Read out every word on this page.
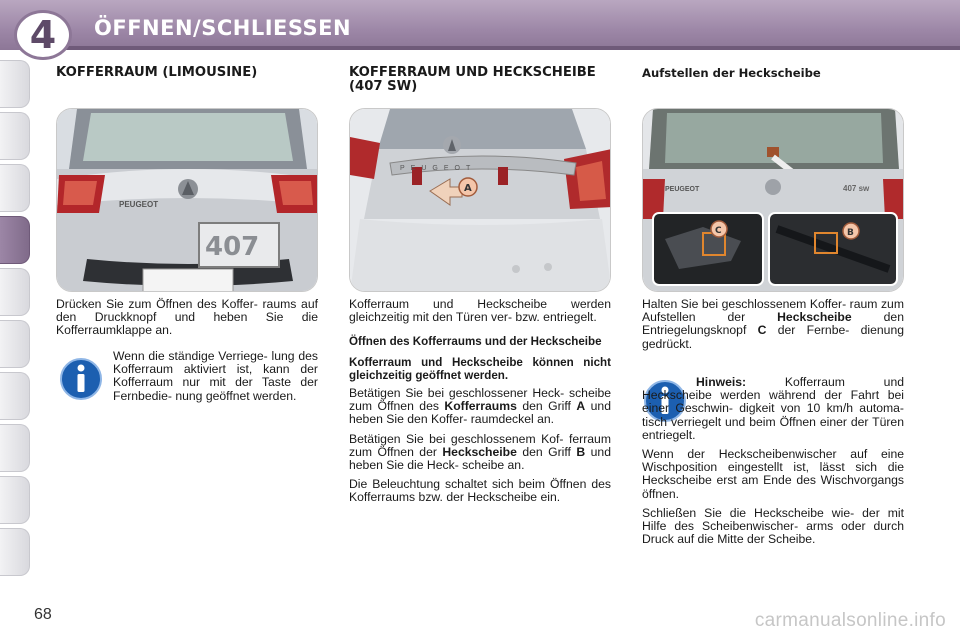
4 ÖFFNEN/SCHLIESSEN
KOFFERRAUM (LIMOUSINE)
PEUGEOT
407

Drücken Sie zum Öffnen des Koffer- raums auf den Druckknopf und heben Sie die Kofferraumklappe an.

Wenn die ständige Verriege- lung des Kofferraum aktiviert ist, kann der Kofferraum nur mit der Taste der Fernbedie- nung geöffnet werden.

KOFFERRAUM UND HECKSCHEIBE (407 SW)
PEUGEOT
A

Kofferraum und Heckscheibe werden gleichzeitig mit den Türen ver- bzw. entriegelt.

Öffnen des Kofferraums und der Heckscheibe

Kofferraum und Heckscheibe können nicht gleichzeitig geöffnet werden.

Betätigen Sie bei geschlossener Heck- scheibe zum Öffnen des Kofferraums den Griff A und heben Sie den Koffer- raumdeckel an.

Betätigen Sie bei geschlossenem Kof- ferraum zum Öffnen der Heckscheibe den Griff B und heben Sie die Heck- scheibe an.

Die Beleuchtung schaltet sich beim Öffnen des Kofferraums bzw. der Heckscheibe ein.

Aufstellen der Heckscheibe
PEUGEOT	407 sw
C	B

Halten Sie bei geschlossenem Koffer- raum zum Aufstellen der Heckscheibe den Entriegelungsknopf C der Fernbe- dienung gedrückt.

Hinweis: Kofferraum und Heckscheibe werden während der Fahrt bei einer Geschwin- digkeit von 10 km/h automa- tisch verriegelt und beim Öffnen einer der Türen entriegelt.

Wenn der Heckscheibenwischer auf eine Wischposition eingestellt ist, lässt sich die Heckscheibe erst am Ende des Wischvorgangs öffnen.

Schließen Sie die Heckscheibe wie- der mit Hilfe des Scheibenwischer- arms oder durch Druck auf die Mitte der Scheibe.

68	carmanualsonline.info
